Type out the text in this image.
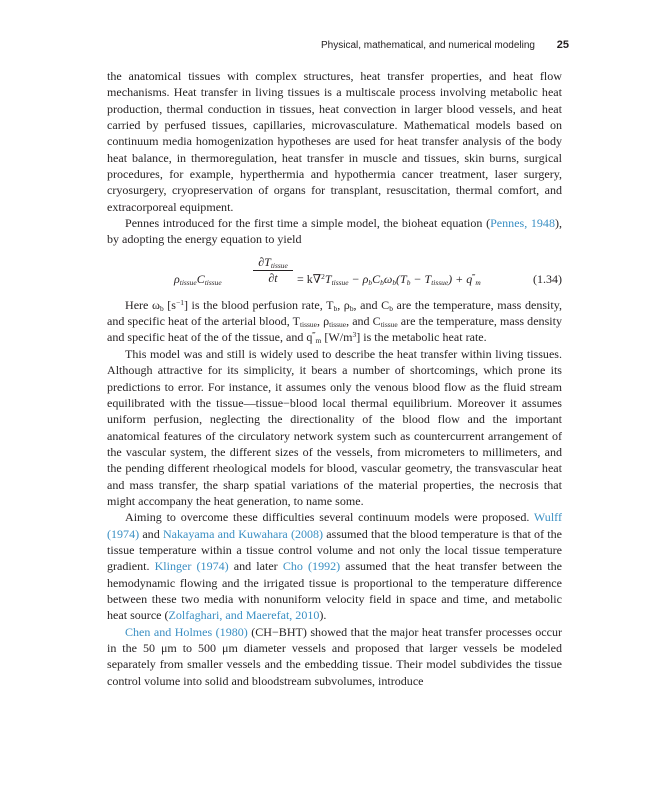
Physical, mathematical, and numerical modeling 25

the anatomical tissues with complex structures, heat transfer properties, and heat flow mechanisms. Heat transfer in living tissues is a multiscale process involving metabolic heat production, thermal conduction in tissues, heat convection in larger blood vessels, and heat carried by perfused tissues, capillaries, microvasculature. Mathematical models based on continuum media homogenization hypotheses are used for heat transfer analysis of the body heat balance, in thermoregulation, heat transfer in muscle and tissues, skin burns, surgical procedures, for example, hyperthermia and hypothermia cancer treatment, laser surgery, cryosurgery, cryopreservation of organs for transplant, resuscitation, thermal comfort, and extracorporeal equipment.

Pennes introduced for the first time a simple model, the bioheat equation (Pennes, 1948), by adopting the energy equation to yield

$\rho_{tissue}C_{tissue}$
$\partial T_{tissue}$
∂t	= $k\nabla^2T_{tissue} - \rho_bC_b\omega_b(T_b - T_{tissue}) + q^‴_m$	(1.34)

Here $\omega_b$ $[s^{-1}]$ is the blood perfusion rate, $T_b$, $\rho_b$, and $C_b$ are the temperature, mass density, and specific heat of the arterial blood, $T_{tissue}$, $\rho_{tissue}$, and $C_{tissue}$ are the temperature, mass density and specific heat of the of the tissue, and $q^‴_m$ $[W/m^3]$ is the metabolic heat rate.

This model was and still is widely used to describe the heat transfer within living tissues. Although attractive for its simplicity, it bears a number of shortcomings, which prone its predictions to error. For instance, it assumes only the venous blood flow as the fluid stream equilibrated with the tissue—tissue−blood local thermal equilibrium. Moreover it assumes uniform perfusion, neglecting the directionality of the blood flow and the important anatomical features of the circulatory network system such as countercurrent arrangement of the vascular system, the different sizes of the vessels, from micrometers to millimeters, and the pending different rheological models for blood, vascular geometry, the transvascular heat and mass transfer, the sharp spatial variations of the material properties, the necrosis that might accompany the heat generation, to name some.

Aiming to overcome these difficulties several continuum models were proposed. Wulff (1974) and Nakayama and Kuwahara (2008) assumed that the blood temperature is that of the tissue temperature within a tissue control volume and not only the local tissue temperature gradient. Klinger (1974) and later Cho (1992) assumed that the heat transfer between the hemodynamic flowing and the irrigated tissue is proportional to the temperature difference between these two media with nonuniform velocity field in space and time, and metabolic heat source (Zolfaghari, and Maerefat, 2010).

Chen and Holmes (1980) (CH−BHT) showed that the major heat transfer processes occur in the 50 μm to 500 μm diameter vessels and proposed that larger vessels be modeled separately from smaller vessels and the embedding tissue. Their model subdivides the tissue control volume into solid and bloodstream subvolumes, introduce
